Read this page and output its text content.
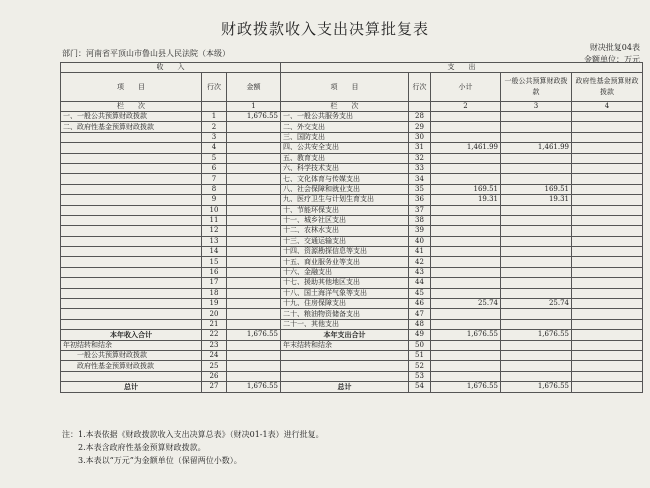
财政拨款收入支出决算批复表
部门：河南省平顶山市鲁山县人民法院（本级）
财决批复04表
金额单位：万元
收　　入			支　　出				
项　　目	行次	金额	项　　目	行次	小计	一般公共预算财政拨款	政府性基金预算财政拨款
栏　　次		1	栏　　次		2	3	4
一、一般公共预算财政拨款	1	1,676.55	一、一般公共服务支出	28			
二、政府性基金预算财政拨款	2		二、外交支出	29			
	3		三、国防支出	30			
	4		四、公共安全支出	31	1,461.99	1,461.99	
	5		五、教育支出	32			
	6		六、科学技术支出	33			
	7		七、文化体育与传媒支出	34			
	8		八、社会保障和就业支出	35	169.51	169.51	
	9		九、医疗卫生与计划生育支出	36	19.31	19.31	
	10		十、节能环保支出	37			
	11		十一、城乡社区支出	38			
	12		十二、农林水支出	39			
	13		十三、交通运输支出	40			
	14		十四、资源勘探信息等支出	41			
	15		十五、商业服务业等支出	42			
	16		十六、金融支出	43			
	17		十七、援助其他地区支出	44			
	18		十八、国土海洋气象等支出	45			
	19		十九、住房保障支出	46	25.74	25.74	
	20		二十、粮油物资储备支出	47			
	21		二十一、其他支出	48			
本年收入合计	22	1,676.55	本年支出合计	49	1,676.55	1,676.55	
年初结转和结余	23		年末结转和结余	50			
一般公共预算财政拨款	24			51			
政府性基金预算财政拨款	25			52			
	26			53			
总计	27	1,676.55	总计	54	1,676.55	1,676.55	
注：1.本表依据《财政拨款收入支出决算总表》（财决01-1表）进行批复。
2.本表含政府性基金预算财政拨款。
3.本表以“万元”为金额单位（保留两位小数）。
